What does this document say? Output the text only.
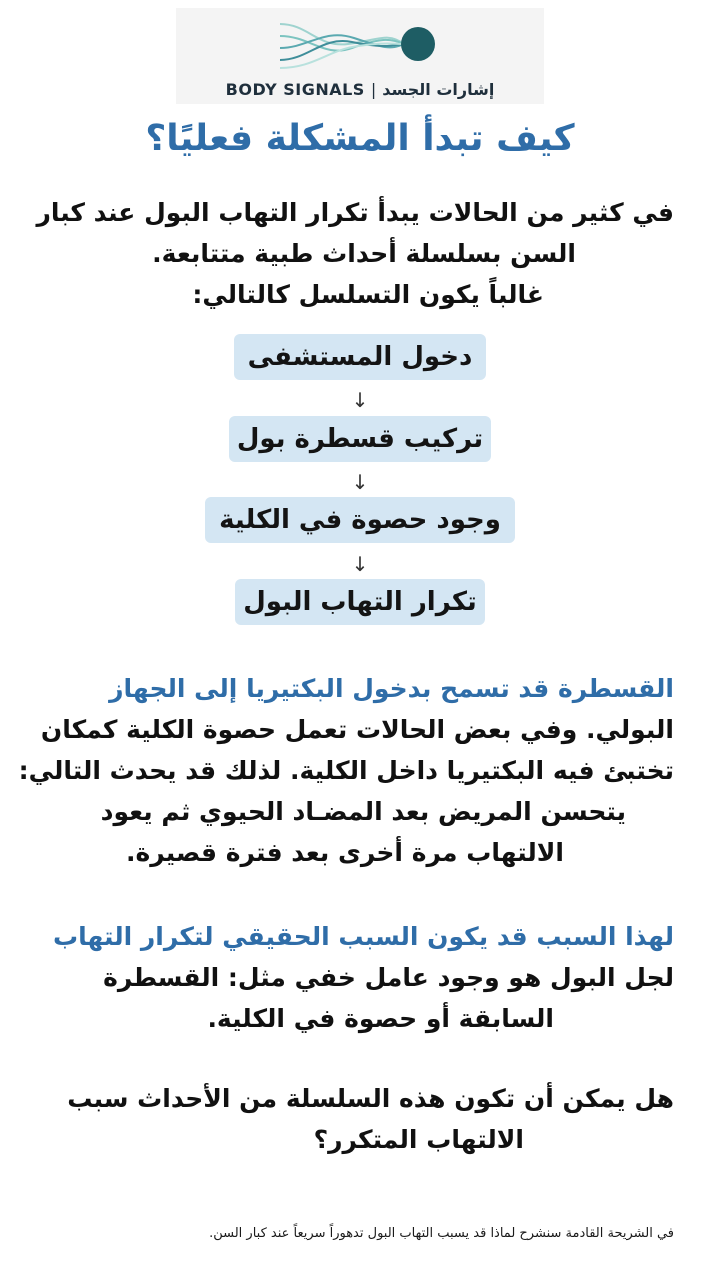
BODY SIGNALS | إشارات الجسد
كيف تبدأ المشكلة فعليًا؟
في كثير من الحالات يبدأ تكرار التهاب البول عند كبار
السن بسلسلة أحداث طبية متتابعة.
غالباً يكون التسلسل كالتالي:
دخول المستشفى
↓
تركيب قسطرة بول
↓
وجود حصوة في الكلية
↓
تكرار التهاب البول
القسطرة قد تسمح بدخول البكتيريا إلى الجهاز
البولي. وفي بعض الحالات تعمل حصوة الكلية كمكان
تختبئ فيه البكتيريا داخل الكلية. لذلك قد يحدث التالي:
يتحسن المريض بعد المضـاد الحيوي ثم يعود
الالتهاب مرة أخرى بعد فترة قصيرة.
لهذا السبب قد يكون السبب الحقيقي لتكرار التهاب
لجل البول هو وجود عامل خفي مثل: القسطرة
السابقة أو حصوة في الكلية.
هل يمكن أن تكون هذه السلسلة من الأحداث سبب
الالتهاب المتكرر؟
في الشريحة القادمة سنشرح لماذا قد يسبب التهاب البول تدهوراً سريعاً عند كبار السن.
